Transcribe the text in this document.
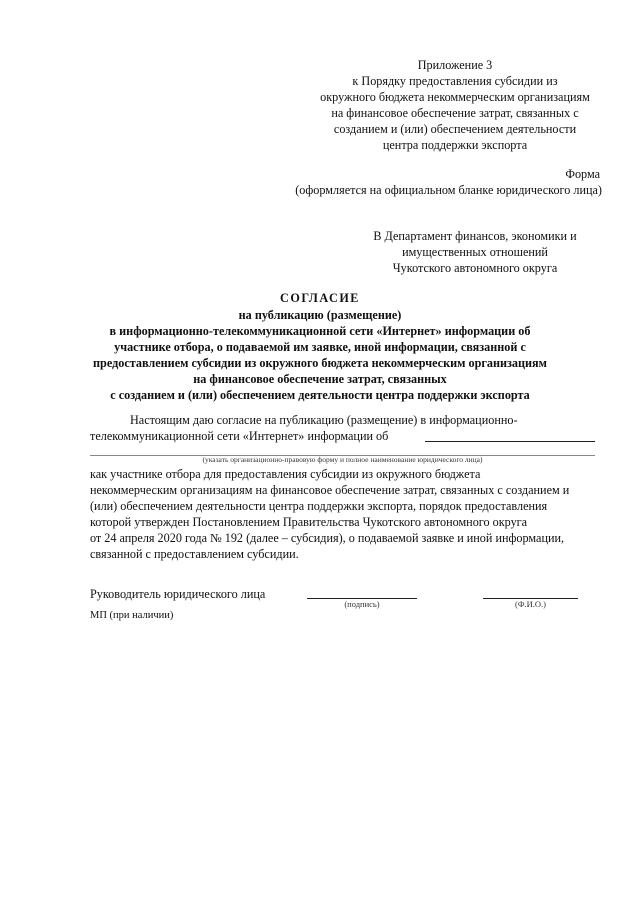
Приложение 3
к Порядку предоставления субсидии из
окружного бюджета некоммерческим организациям
на финансовое обеспечение затрат, связанных с
созданием и (или) обеспечением деятельности
центра поддержки экспорта
Форма
(оформляется на официальном бланке юридического лица)
В Департамент финансов, экономики и
имущественных отношений
Чукотского автономного округа
СОГЛАСИЕ
на публикацию (размещение)
в информационно-телекоммуникационной сети «Интернет» информации об
участнике отбора, о подаваемой им заявке, иной информации, связанной с
предоставлением субсидии из окружного бюджета некоммерческим организациям
на финансовое обеспечение затрат, связанных
с созданием и (или) обеспечением деятельности центра поддержки экспорта
Настоящим даю согласие на публикацию (размещение) в информационно-
телекоммуникационной сети «Интернет» информации об
(указать организационно-правовую форму и полное наименование юридического лица)
как участнике отбора для предоставления субсидии из окружного бюджета
некоммерческим организациям на финансовое обеспечение затрат, связанных с созданием и
(или) обеспечением деятельности центра поддержки экспорта, порядок предоставления
которой утвержден Постановлением Правительства Чукотского автономного округа
от 24 апреля 2020 года № 192 (далее – субсидия), о подаваемой заявке и иной информации,
связанной с предоставлением субсидии.
Руководитель юридического лица
(подпись)	(Ф.И.О.)
МП (при наличии)
